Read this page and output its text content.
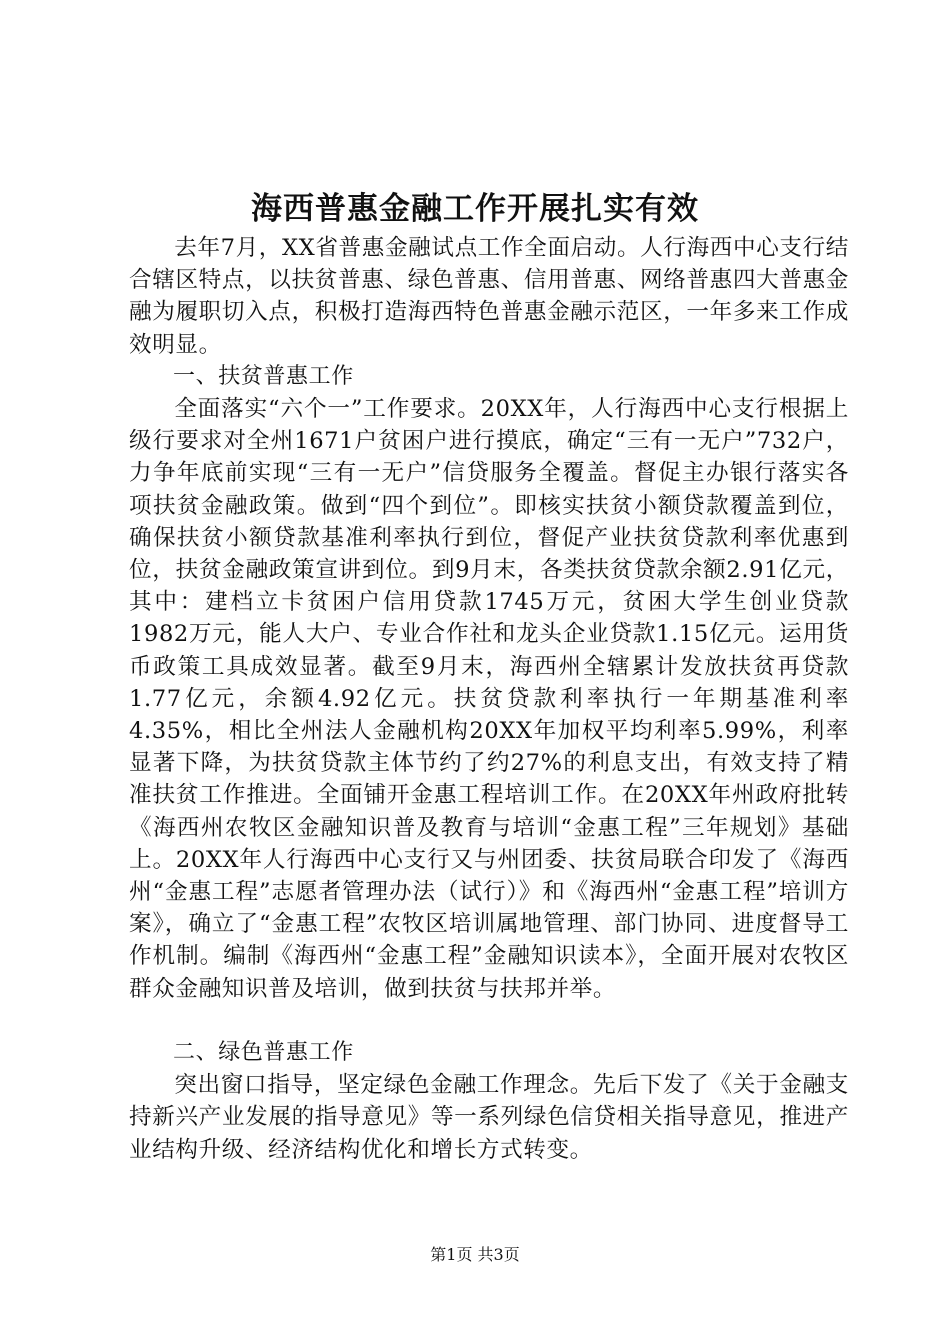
海西普惠金融工作开展扎实有效

去年7月，XX省普惠金融试点工作全面启动。人行海西中心支行结合辖区特点，以扶贫普惠、绿色普惠、信用普惠、网络普惠四大普惠金融为履职切入点，积极打造海西特色普惠金融示范区，一年多来工作成效明显。

一、扶贫普惠工作

全面落实“六个一”工作要求。20XX年，人行海西中心支行根据上级行要求对全州1671户贫困户进行摸底，确定“三有一无户”732户，力争年底前实现“三有一无户”信贷服务全覆盖。督促主办银行落实各项扶贫金融政策。做到“四个到位”。即核实扶贫小额贷款覆盖到位，确保扶贫小额贷款基准利率执行到位，督促产业扶贫贷款利率优惠到位，扶贫金融政策宣讲到位。到9月末，各类扶贫贷款余额2.91亿元，其中：建档立卡贫困户信用贷款1745万元，贫困大学生创业贷款1982万元，能人大户、专业合作社和龙头企业贷款1.15亿元。运用货币政策工具成效显著。截至9月末，海西州全辖累计发放扶贫再贷款1.77亿元，余额4.92亿元。扶贫贷款利率执行一年期基准利率4.35%，相比全州法人金融机构20XX年加权平均利率5.99%，利率显著下降，为扶贫贷款主体节约了约27%的利息支出，有效支持了精准扶贫工作推进。全面铺开金惠工程培训工作。在20XX年州政府批转《海西州农牧区金融知识普及教育与培训“金惠工程”三年规划》基础上。20XX年人行海西中心支行又与州团委、扶贫局联合印发了《海西州“金惠工程”志愿者管理办法（试行）》和《海西州“金惠工程”培训方案》，确立了“金惠工程”农牧区培训属地管理、部门协同、进度督导工作机制。编制《海西州“金惠工程”金融知识读本》，全面开展对农牧区群众金融知识普及培训，做到扶贫与扶邦并举。

二、绿色普惠工作

突出窗口指导，坚定绿色金融工作理念。先后下发了《关于金融支持新兴产业发展的指导意见》等一系列绿色信贷相关指导意见，推进产业结构升级、经济结构优化和增长方式转变。

第1页 共3页
